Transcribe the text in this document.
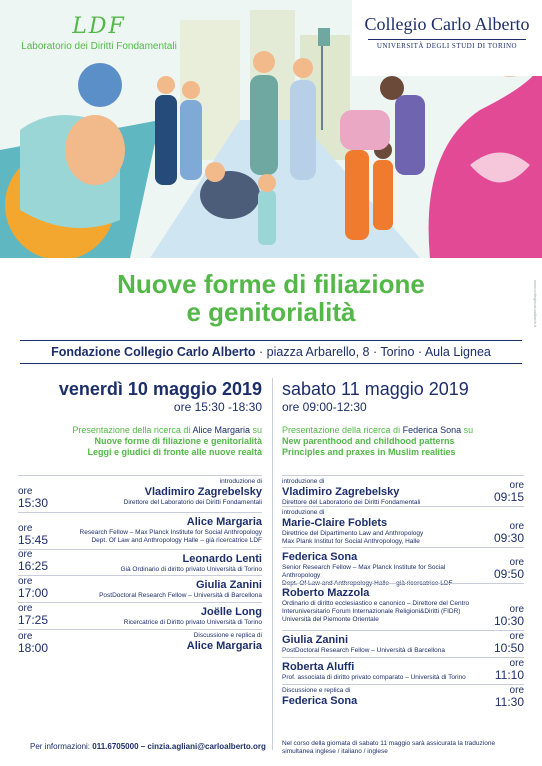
LDF
Laboratorio dei Diritti Fondamentali
Collegio Carlo Alberto
UNIVERSITÀ DEGLI STUDI DI TORINO
www.collegiocarloalberto.it
Nuove forme di filiazione
e genitorialità
Fondazione Collegio Carlo Alberto · piazza Arbarello, 8 · Torino · Aula Lignea
venerdì 10 maggio 2019
ore 15:30 -18:30
Presentazione della ricerca di Alice Margaria su
Nuove forme di filiazione e genitorialità
Leggi e giudici di fronte alle nuove realtà
sabato 11 maggio 2019
ore 09:00-12:30
Presentazione della ricerca di Federica Sona su
New parenthood and childhood patterns
Principles and praxes in Muslim realities
ore
15:30
introduzione di
Vladimiro Zagrebelsky
Direttore del Laboratorio dei Diritti Fondamentali
ore
15:45
Alice Margaria
Research Fellow – Max Planck Institute for Social Anthropology
Dept. Of Law and Anthropology Halle – già ricercatrice LDF
ore
16:25	Leonardo Lenti
Già Ordinario di diritto privato Università di Torino
ore
17:00
Giulia Zanini
PostDoctoral Research Fellow – Università di Barcellona
ore
17:25
Joëlle Long
Ricercatrice di Diritto privato Università di Torino
ore
18:00
Discussione e replica di
Alice Margaria
ore
09:15
introduzione di
Vladimiro Zagrebelsky
Direttore del Laboratorio dei Diritti Fondamentali
ore
09:30
introduzione di
Marie-Claire Foblets
Direttrice del Dipartimento Law and Anthropology
Max Plank Institut for Social Anthropology, Halle
ore
09:50
Federica Sona
Senior Research Fellow – Max Planck Institute for Social Anthropology
Dept. Of Law and Anthropology Halle – già ricercatrice LDF
ore
10:30
Roberto Mazzola
Ordinario di diritto ecclesiastico e canonico – Direttore del Centro
Interuniversitario Forum Internazionale Religioni&Diritti (FIDR)
Università del Piemonte Orientale
ore
10:50
Giulia Zanini
PostDoctoral Research Fellow – Università di Barcellona
ore
11:10
Roberta Aluffi
Prof. associata di diritto privato comparato – Università di Torino
ore
11:30
Discussione e replica di
Federica Sona
Per informazioni: 011.6705000 – cinzia.agliani@carloalberto.org Nel corso della giornata di sabato 11 maggio sarà assicurata la traduzione simultanea inglese / italiano / inglese
